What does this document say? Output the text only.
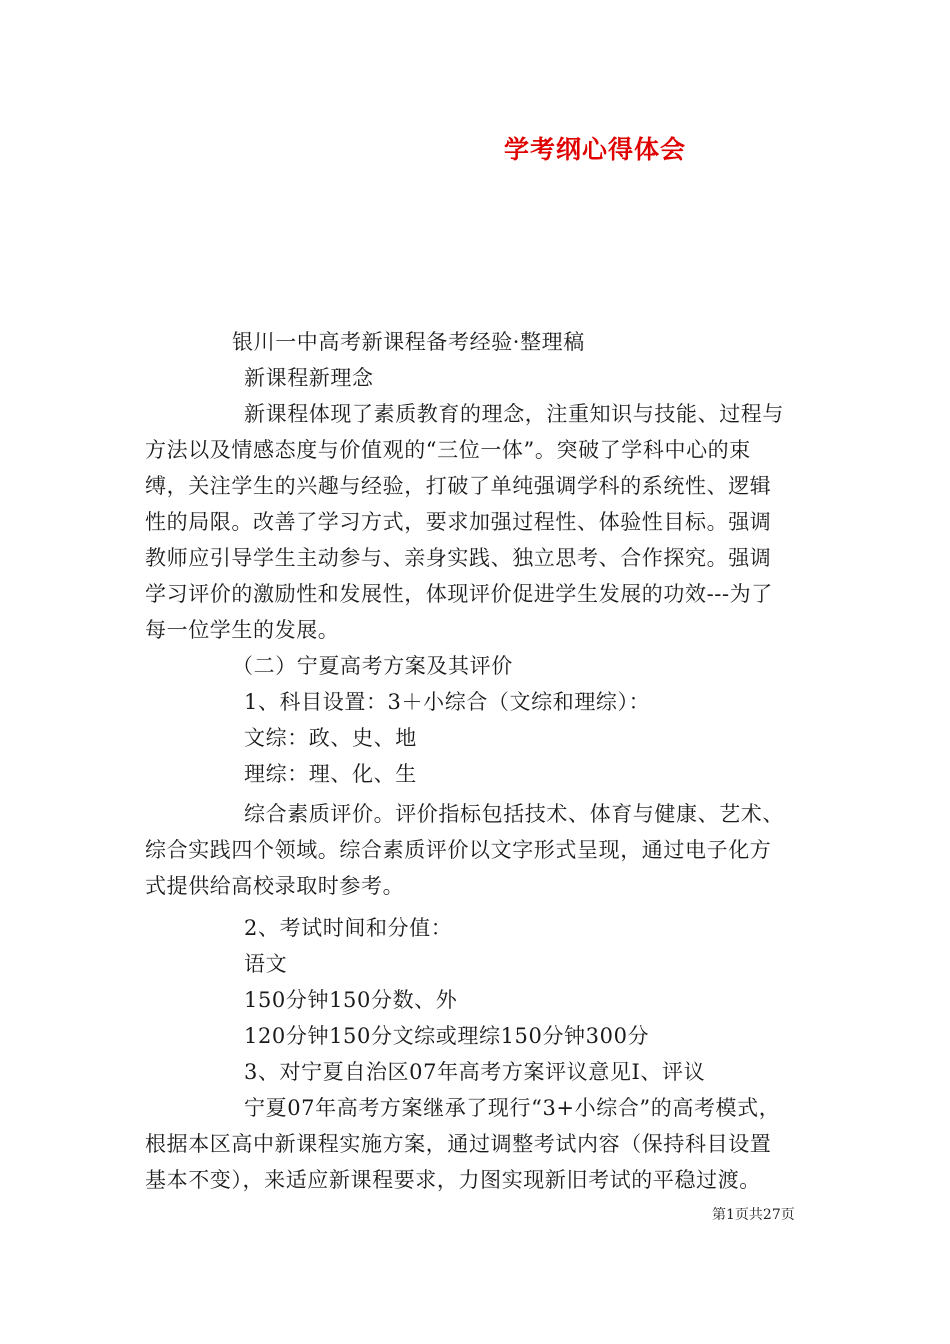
学考纲心得体会
银川一中高考新课程备考经验·整理稿
新课程新理念
新课程体现了素质教育的理念，注重知识与技能、过程与
方法以及情感态度与价值观的“三位一体”。突破了学科中心的束
缚，关注学生的兴趣与经验，打破了单纯强调学科的系统性、逻辑
性的局限。改善了学习方式，要求加强过程性、体验性目标。强调
教师应引导学生主动参与、亲身实践、独立思考、合作探究。强调
学习评价的激励性和发展性，体现评价促进学生发展的功效---为了
每一位学生的发展。
（二）宁夏高考方案及其评价
1、科目设置：3＋小综合（文综和理综）：
文综：政、史、地
理综：理、化、生
综合素质评价。评价指标包括技术、体育与健康、艺术、
综合实践四个领域。综合素质评价以文字形式呈现，通过电子化方
式提供给高校录取时参考。
2、考试时间和分值：
语文
150分钟150分数、外
120分钟150分文综或理综150分钟300分
3、对宁夏自治区07年高考方案评议意见Ⅰ、评议
宁夏07年高考方案继承了现行“3+小综合”的高考模式，
根据本区高中新课程实施方案，通过调整考试内容（保持科目设置
基本不变），来适应新课程要求，力图实现新旧考试的平稳过渡。
第1页共27页
